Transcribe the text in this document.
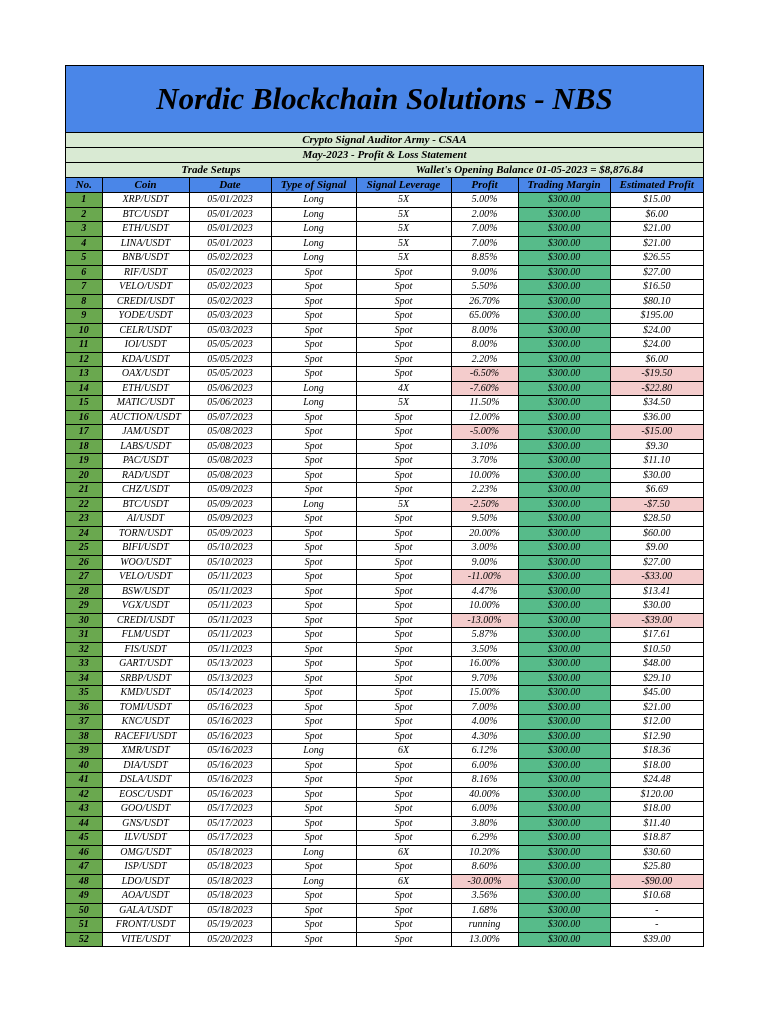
Nordic Blockchain Solutions - NBS
Crypto Signal Auditor Army - CSAA
May-2023 - Profit & Loss Statement
Trade Setups	Wallet's Opening Balance 01-05-2023 = $8,876.84
No.	Coin	Date	Type of Signal	Signal Leverage	Profit	Trading Margin	Estimated Profit
1	XRP/USDT	05/01/2023	Long	5X	5.00%	$300.00	$15.00
2	BTC/USDT	05/01/2023	Long	5X	2.00%	$300.00	$6.00
3	ETH/USDT	05/01/2023	Long	5X	7.00%	$300.00	$21.00
4	LINA/USDT	05/01/2023	Long	5X	7.00%	$300.00	$21.00
5	BNB/USDT	05/02/2023	Long	5X	8.85%	$300.00	$26.55
6	RIF/USDT	05/02/2023	Spot	Spot	9.00%	$300.00	$27.00
7	VELO/USDT	05/02/2023	Spot	Spot	5.50%	$300.00	$16.50
8	CREDI/USDT	05/02/2023	Spot	Spot	26.70%	$300.00	$80.10
9	YODE/USDT	05/03/2023	Spot	Spot	65.00%	$300.00	$195.00
10	CELR/USDT	05/03/2023	Spot	Spot	8.00%	$300.00	$24.00
11	IOI/USDT	05/05/2023	Spot	Spot	8.00%	$300.00	$24.00
12	KDA/USDT	05/05/2023	Spot	Spot	2.20%	$300.00	$6.00
13	OAX/USDT	05/05/2023	Spot	Spot	-6.50%	$300.00	-$19.50
14	ETH/USDT	05/06/2023	Long	4X	-7.60%	$300.00	-$22.80
15	MATIC/USDT	05/06/2023	Long	5X	11.50%	$300.00	$34.50
16	AUCTION/USDT	05/07/2023	Spot	Spot	12.00%	$300.00	$36.00
17	JAM/USDT	05/08/2023	Spot	Spot	-5.00%	$300.00	-$15.00
18	LABS/USDT	05/08/2023	Spot	Spot	3.10%	$300.00	$9.30
19	PAC/USDT	05/08/2023	Spot	Spot	3.70%	$300.00	$11.10
20	RAD/USDT	05/08/2023	Spot	Spot	10.00%	$300.00	$30.00
21	CHZ/USDT	05/09/2023	Spot	Spot	2.23%	$300.00	$6.69
22	BTC/USDT	05/09/2023	Long	5X	-2.50%	$300.00	-$7.50
23	AI/USDT	05/09/2023	Spot	Spot	9.50%	$300.00	$28.50
24	TORN/USDT	05/09/2023	Spot	Spot	20.00%	$300.00	$60.00
25	BIFI/USDT	05/10/2023	Spot	Spot	3.00%	$300.00	$9.00
26	WOO/USDT	05/10/2023	Spot	Spot	9.00%	$300.00	$27.00
27	VELO/USDT	05/11/2023	Spot	Spot	-11.00%	$300.00	-$33.00
28	BSW/USDT	05/11/2023	Spot	Spot	4.47%	$300.00	$13.41
29	VGX/USDT	05/11/2023	Spot	Spot	10.00%	$300.00	$30.00
30	CREDI/USDT	05/11/2023	Spot	Spot	-13.00%	$300.00	-$39.00
31	FLM/USDT	05/11/2023	Spot	Spot	5.87%	$300.00	$17.61
32	FIS/USDT	05/11/2023	Spot	Spot	3.50%	$300.00	$10.50
33	GART/USDT	05/13/2023	Spot	Spot	16.00%	$300.00	$48.00
34	SRBP/USDT	05/13/2023	Spot	Spot	9.70%	$300.00	$29.10
35	KMD/USDT	05/14/2023	Spot	Spot	15.00%	$300.00	$45.00
36	TOMI/USDT	05/16/2023	Spot	Spot	7.00%	$300.00	$21.00
37	KNC/USDT	05/16/2023	Spot	Spot	4.00%	$300.00	$12.00
38	RACEFI/USDT	05/16/2023	Spot	Spot	4.30%	$300.00	$12.90
39	XMR/USDT	05/16/2023	Long	6X	6.12%	$300.00	$18.36
40	DIA/USDT	05/16/2023	Spot	Spot	6.00%	$300.00	$18.00
41	DSLA/USDT	05/16/2023	Spot	Spot	8.16%	$300.00	$24.48
42	EOSC/USDT	05/16/2023	Spot	Spot	40.00%	$300.00	$120.00
43	GOO/USDT	05/17/2023	Spot	Spot	6.00%	$300.00	$18.00
44	GNS/USDT	05/17/2023	Spot	Spot	3.80%	$300.00	$11.40
45	ILV/USDT	05/17/2023	Spot	Spot	6.29%	$300.00	$18.87
46	OMG/USDT	05/18/2023	Long	6X	10.20%	$300.00	$30.60
47	ISP/USDT	05/18/2023	Spot	Spot	8.60%	$300.00	$25.80
48	LDO/USDT	05/18/2023	Long	6X	-30.00%	$300.00	-$90.00
49	AOA/USDT	05/18/2023	Spot	Spot	3.56%	$300.00	$10.68
50	GALA/USDT	05/18/2023	Spot	Spot	1.68%	$300.00	-
51	FRONT/USDT	05/19/2023	Spot	Spot	running	$300.00	-
52	VITE/USDT	05/20/2023	Spot	Spot	13.00%	$300.00	$39.00
